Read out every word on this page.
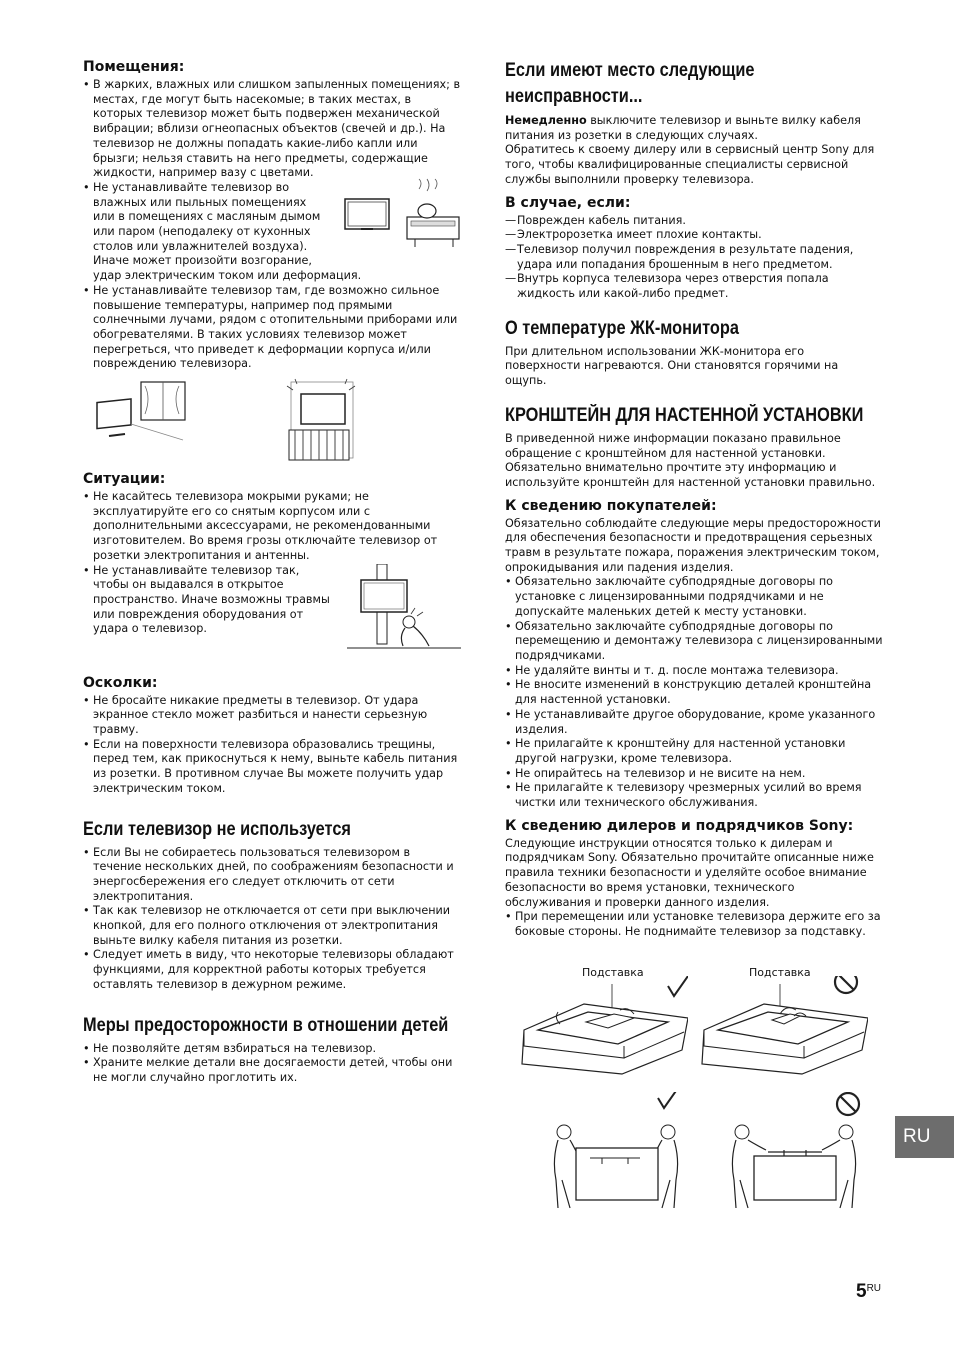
Помещения:
• В жарких, влажных или слишком запыленных помещениях; в местах, где могут быть насекомые; в таких местах, в которых телевизор может быть подвержен механической вибрации; вблизи огнеопасных объектов (свечей и др.). На телевизор не должны попадать какие-либо капли или брызги; нельзя ставить на него предметы, содержащие жидкости, например вазу с цветами.
• Не устанавливайте телевизор во влажных или пыльных помещениях или в помещениях с масляным дымом или паром (неподалеку от кухонных столов или увлажнителей воздуха). Иначе может произойти возгорание,
удар электрическим током или деформация.
• Не устанавливайте телевизор там, где возможно сильное повышение температуры, например под прямыми солнечными лучами, рядом с отопительными приборами или обогревателями. В таких условиях телевизор может перегреться, что приведет к деформации корпуса и/или повреждению телевизора.
Ситуации:
• Не касайтесь телевизора мокрыми руками; не эксплуатируйте его со снятым корпусом или с дополнительными аксессуарами, не рекомендованными изготовителем. Во время грозы отключайте телевизор от розетки электропитания и антенны.
• Не устанавливайте телевизор так, чтобы он выдавался в открытое пространство. Иначе возможны травмы или повреждения оборудования от удара о телевизор.
Осколки:
• Не бросайте никакие предметы в телевизор. От удара экранное стекло может разбиться и нанести серьезную травму.
• Если на поверхности телевизора образовались трещины, перед тем, как прикоснуться к нему, выньте кабель питания из розетки. В противном случае Вы можете получить удар электрическим током.
Если телевизор не используется
• Если Вы не собираетесь пользоваться телевизором в течение нескольких дней, по соображениям безопасности и энергосбережения его следует отключить от сети электропитания.
• Так как телевизор не отключается от сети при выключении кнопкой, для его полного отключения от электропитания выньте вилку кабеля питания из розетки.
• Следует иметь в виду, что некоторые телевизоры обладают функциями, для корректной работы которых требуется оставлять телевизор в дежурном режиме.
Меры предосторожности в отношении детей
• Не позволяйте детям взбираться на телевизор.
• Храните мелкие детали вне досягаемости детей, чтобы они не могли случайно проглотить их.
Если имеют место следующие неисправности...

Немедленно выключите телевизор и выньте вилку кабеля питания из розетки в следующих случаях.

Обратитесь к своему дилеру или в сервисный центр Sony для того, чтобы квалифицированные специалисты сервисной службы выполнили проверку телевизора.

В случае, если:
— Поврежден кабель питания.
— Электророзетка имеет плохие контакты.
— Телевизор получил повреждения в результате падения, удара или попадания брошенным в него предметом.
— Внутрь корпуса телевизора через отверстия попала жидкость или какой-либо предмет.
О температуре ЖК-монитора

При длительном использовании ЖК-монитора его поверхности нагреваются. Они становятся горячими на ощупь.

КРОНШТЕЙН ДЛЯ НАСТЕННОЙ УСТАНОВКИ

В приведенной ниже информации показано правильное обращение с кронштейном для настенной установки. Обязательно внимательно прочтите эту информацию и используйте кронштейн для настенной установки правильно.

К сведению покупателей:

Обязательно соблюдайте следующие меры предосторожности для обеспечения безопасности и предотвращения серьезных травм в результате пожара, поражения электрическим током, опрокидывания или падения изделия.

• Обязательно заключайте субподрядные договоры по установке с лицензированными подрядчиками и не допускайте маленьких детей к месту установки.
• Обязательно заключайте субподрядные договоры по перемещению и демонтажу телевизора с лицензированными подрядчиками.
• Не удаляйте винты и т. д. после монтажа телевизора.
• Не вносите изменений в конструкцию деталей кронштейна для настенной установки.
• Не устанавливайте другое оборудование, кроме указанного изделия.
• Не прилагайте к кронштейну для настенной установки другой нагрузки, кроме телевизора.
• Не опирайтесь на телевизор и не висите на нем.
• Не прилагайте к телевизору чрезмерных усилий во время чистки или технического обслуживания.
К сведению дилеров и подрядчиков Sony:

Следующие инструкции относятся только к дилерам и подрядчикам Sony. Обязательно прочитайте описанные ниже правила техники безопасности и уделяйте особое внимание безопасности во время установки, технического обслуживания и проверки данного изделия.

• При перемещении или установке телевизора держите его за боковые стороны. Не поднимайте телевизор за подставку.
Подставка	Подставка
RU
$5^{RU}$
